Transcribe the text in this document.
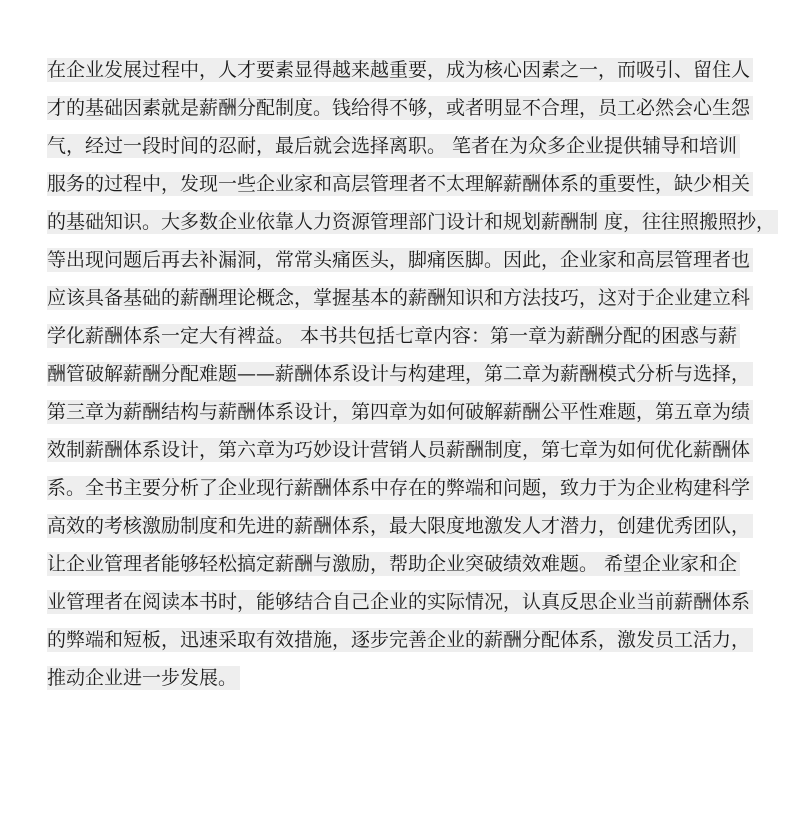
在企业发展过程中，人才要素显得越来越重要，成为核心因素之一，而吸引、留住人
才的基础因素就是薪酬分配制度。钱给得不够，或者明显不合理，员工必然会心生怨
气，经过一段时间的忍耐，最后就会选择离职。 笔者在为众多企业提供辅导和培训
服务的过程中，发现一些企业家和高层管理者不太理解薪酬体系的重要性，缺少相关
的基础知识。大多数企业依靠人力资源管理部门设计和规划薪酬制 度，往往照搬照抄，
等出现问题后再去补漏洞，常常头痛医头，脚痛医脚。因此，企业家和高层管理者也
应该具备基础的薪酬理论概念，掌握基本的薪酬知识和方法技巧，这对于企业建立科
学化薪酬体系一定大有裨益。 本书共包括七章内容：第一章为薪酬分配的困惑与薪
酬管破解薪酬分配难题——薪酬体系设计与构建理，第二章为薪酬模式分析与选择，
第三章为薪酬结构与薪酬体系设计，第四章为如何破解薪酬公平性难题，第五章为绩
效制薪酬体系设计，第六章为巧妙设计营销人员薪酬制度，第七章为如何优化薪酬体
系。全书主要分析了企业现行薪酬体系中存在的弊端和问题，致力于为企业构建科学
高效的考核激励制度和先进的薪酬体系，最大限度地激发人才潜力，创建优秀团队，
让企业管理者能够轻松搞定薪酬与激励，帮助企业突破绩效难题。 希望企业家和企
业管理者在阅读本书时，能够结合自己企业的实际情况，认真反思企业当前薪酬体系
的弊端和短板，迅速采取有效措施，逐步完善企业的薪酬分配体系，激发员工活力，
推动企业进一步发展。
